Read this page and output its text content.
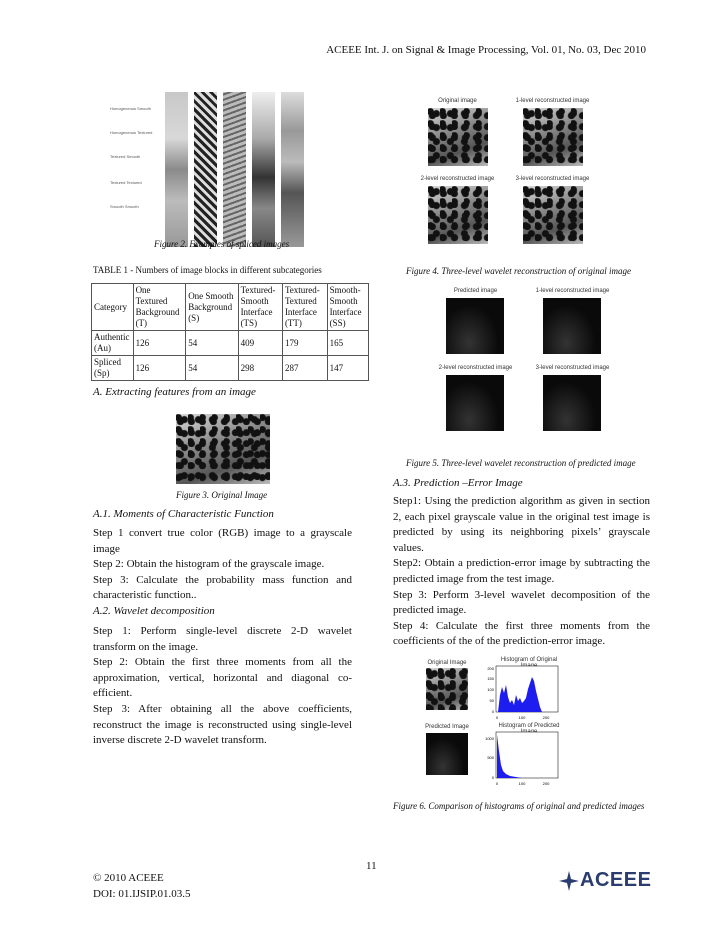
ACEEE Int. J. on Signal & Image Processing, Vol. 01, No. 03, Dec 2010
Homogeneous Smooth
Homogeneous Textured
Textured Smooth
Textured Textured
Smooth Smooth
Figure 2. Examples of spliced images
TABLE 1 - Numbers of image blocks in different subcategories
Category	One Textured Background (T)	One Smooth Background (S)	Textured-Smooth Interface (TS)	Textured-Textured Interface (TT)	Smooth-Smooth Interface (SS)
Authentic (Au)	126	54	409	179	165
Spliced (Sp)	126	54	298	287	147
A. Extracting features from an image
Figure 3. Original Image
A.1. Moments of Characteristic Function
Step 1 convert true color (RGB) image to a grayscale image
Step 2: Obtain the histogram of the grayscale image.
Step 3: Calculate the probability mass function and characteristic function..
A.2. Wavelet decomposition
Step 1: Perform single-level discrete 2-D wavelet transform on the image.
Step 2: Obtain the first three moments from all the approximation, vertical, horizontal and diagonal co-efficient.
Step 3: After obtaining all the above coefficients, reconstruct the image is reconstructed using single-level inverse discrete 2-D wavelet transform.
Original image	1-level reconstructed image
2-level reconstructed image	3-level reconstructed image
Figure 4. Three-level wavelet reconstruction of original image
Predicted image	1-level reconstructed image
2-level reconstructed image	3-level reconstructed image
Figure 5. Three-level wavelet reconstruction of predicted image
A.3. Prediction –Error Image
Step1: Using the prediction algorithm as given in section 2, each pixel grayscale value in the original test image is predicted by using its neighboring pixels’ grayscale values.
Step2: Obtain a prediction-error image by subtracting the predicted image from the test image.
Step 3: Perform 3-level wavelet decomposition of the predicted image.
Step 4: Calculate the first three moments from the coefficients of the of the prediction-error image.
Original Image
Predicted Image
Histogram of Original
200
150
100
50
0
0	100	200
Histogram of Predicted
1000
500
0
0	100	200
Figure 6. Comparison of histograms of original and predicted images
11
© 2010 ACEEE
DOI: 01.IJSIP.01.03.5
ACEEE
